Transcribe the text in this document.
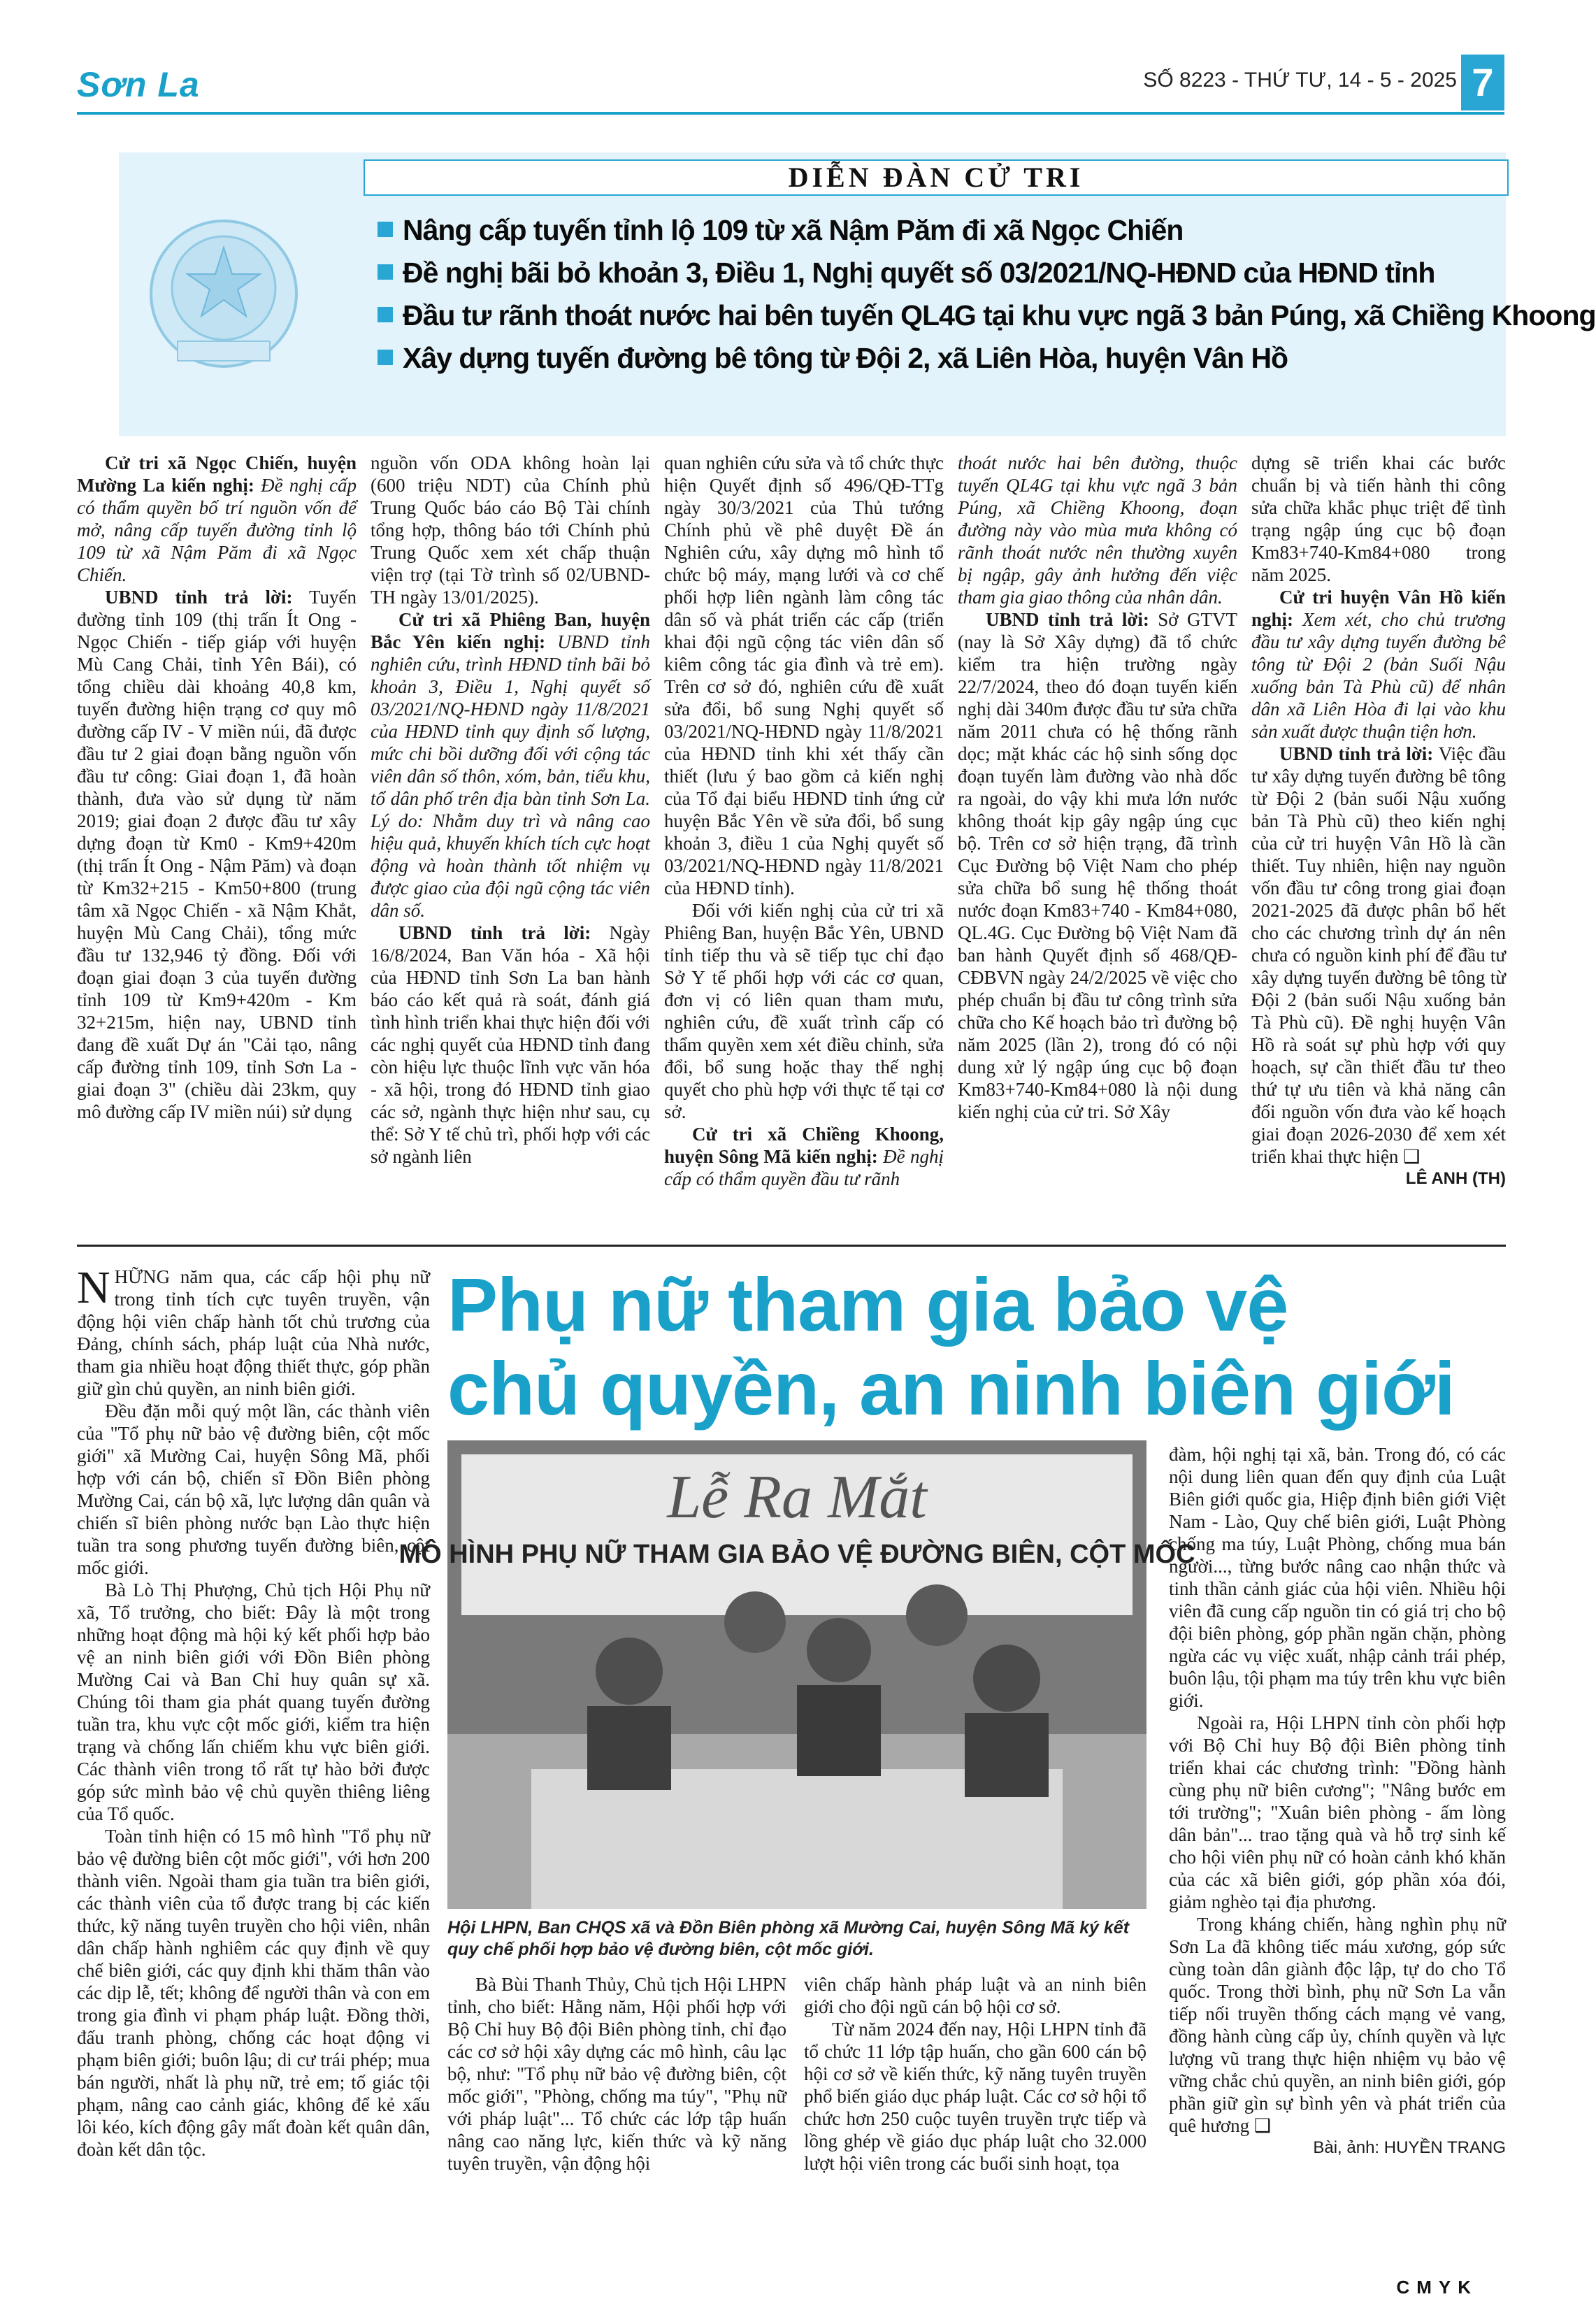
Sơn La	SỐ 8223 - THỨ TƯ, 14 - 5 - 2025 7
DIỄN ĐÀN CỬ TRI
Nâng cấp tuyến tỉnh lộ 109 từ xã Nậm Păm đi xã Ngọc Chiến
Đề nghị bãi bỏ khoản 3, Điều 1, Nghị quyết số 03/2021/NQ-HĐND của HĐND tỉnh
Đầu tư rãnh thoát nước hai bên tuyến QL4G tại khu vực ngã 3 bản Púng, xã Chiềng Khoong
Xây dựng tuyến đường bê tông từ Đội 2, xã Liên Hòa, huyện Vân Hồ

Cử tri xã Ngọc Chiến, huyện Mường La kiến nghị: Đề nghị cấp có thẩm quyền bố trí nguồn vốn để mở, nâng cấp tuyến đường tỉnh lộ 109 từ xã Nậm Păm đi xã Ngọc Chiến.

UBND tỉnh trả lời: Tuyến đường tỉnh 109 (thị trấn Ít Ong - Ngọc Chiến - tiếp giáp với huyện Mù Cang Chải, tỉnh Yên Bái), có tổng chiều dài khoảng 40,8 km, tuyến đường hiện trạng cơ quy mô đường cấp IV - V miền núi, đã được đầu tư 2 giai đoạn bằng nguồn vốn đầu tư công: Giai đoạn 1, đã hoàn thành, đưa vào sử dụng từ năm 2019; giai đoạn 2 được đầu tư xây dựng đoạn từ Km0 - Km9+420m (thị trấn Ít Ong - Nậm Păm) và đoạn từ Km32+215 - Km50+800 (trung tâm xã Ngọc Chiến - xã Nậm Khắt, huyện Mù Cang Chải), tổng mức đầu tư 132,946 tỷ đồng. Đối với đoạn giai đoạn 3 của tuyến đường tỉnh 109 từ Km9+420m - Km 32+215m, hiện nay, UBND tỉnh đang đề xuất Dự án "Cải tạo, nâng cấp đường tỉnh 109, tỉnh Sơn La - giai đoạn 3" (chiều dài 23km, quy mô đường cấp IV miền núi) sử dụng

nguồn vốn ODA không hoàn lại (600 triệu NDT) của Chính phủ Trung Quốc báo cáo Bộ Tài chính tổng hợp, thông báo tới Chính phủ Trung Quốc xem xét chấp thuận viện trợ (tại Tờ trình số 02/UBND-TH ngày 13/01/2025).

Cử tri xã Phiêng Ban, huyện Bắc Yên kiến nghị: UBND tỉnh nghiên cứu, trình HĐND tỉnh bãi bỏ khoản 3, Điều 1, Nghị quyết số 03/2021/NQ-HĐND ngày 11/8/2021 của HĐND tỉnh quy định số lượng, mức chi bồi dưỡng đối với cộng tác viên dân số thôn, xóm, bản, tiểu khu, tổ dân phố trên địa bàn tỉnh Sơn La. Lý do: Nhằm duy trì và nâng cao hiệu quả, khuyến khích tích cực hoạt động và hoàn thành tốt nhiệm vụ được giao của đội ngũ cộng tác viên dân số.

UBND tỉnh trả lời: Ngày 16/8/2024, Ban Văn hóa - Xã hội của HĐND tỉnh Sơn La ban hành báo cáo kết quả rà soát, đánh giá tình hình triển khai thực hiện đối với các nghị quyết của HĐND tỉnh đang còn hiệu lực thuộc lĩnh vực văn hóa - xã hội, trong đó HĐND tỉnh giao các sở, ngành thực hiện như sau, cụ thể: Sở Y tế chủ trì, phối hợp với các sở ngành liên

quan nghiên cứu sửa và tổ chức thực hiện Quyết định số 496/QĐ-TTg ngày 30/3/2021 của Thủ tướng Chính phủ về phê duyệt Đề án Nghiên cứu, xây dựng mô hình tổ chức bộ máy, mạng lưới và cơ chế phối hợp liên ngành làm công tác dân số và phát triển các cấp (triển khai đội ngũ cộng tác viên dân số kiêm công tác gia đình và trẻ em). Trên cơ sở đó, nghiên cứu đề xuất sửa đổi, bổ sung Nghị quyết số 03/2021/NQ-HĐND ngày 11/8/2021 của HĐND tỉnh khi xét thấy cần thiết (lưu ý bao gồm cả kiến nghị của Tổ đại biểu HĐND tỉnh ứng cử huyện Bắc Yên về sửa đổi, bổ sung khoản 3, điều 1 của Nghị quyết số 03/2021/NQ-HĐND ngày 11/8/2021 của HĐND tỉnh).

Đối với kiến nghị của cử tri xã Phiêng Ban, huyện Bắc Yên, UBND tỉnh tiếp thu và sẽ tiếp tục chỉ đạo Sở Y tế phối hợp với các cơ quan, đơn vị có liên quan tham mưu, nghiên cứu, đề xuất trình cấp có thẩm quyền xem xét điều chỉnh, sửa đổi, bổ sung hoặc thay thế nghị quyết cho phù hợp với thực tế tại cơ sở.

Cử tri xã Chiềng Khoong, huyện Sông Mã kiến nghị: Đề nghị cấp có thẩm quyền đầu tư rãnh

thoát nước hai bên đường, thuộc tuyến QL4G tại khu vực ngã 3 bản Púng, xã Chiềng Khoong, đoạn đường này vào mùa mưa không có rãnh thoát nước nên thường xuyên bị ngập, gây ảnh hưởng đến việc tham gia giao thông của nhân dân.

UBND tỉnh trả lời: Sở GTVT (nay là Sở Xây dựng) đã tổ chức kiểm tra hiện trường ngày 22/7/2024, theo đó đoạn tuyến kiến nghị dài 340m được đầu tư sửa chữa năm 2011 chưa có hệ thống rãnh dọc; mặt khác các hộ sinh sống dọc đoạn tuyến làm đường vào nhà dốc ra ngoài, do vậy khi mưa lớn nước không thoát kịp gây ngập úng cục bộ. Trên cơ sở hiện trạng, đã trình Cục Đường bộ Việt Nam cho phép sửa chữa bổ sung hệ thống thoát nước đoạn Km83+740 - Km84+080, QL.4G. Cục Đường bộ Việt Nam đã ban hành Quyết định số 468/QĐ-CĐBVN ngày 24/2/2025 về việc cho phép chuẩn bị đầu tư công trình sửa chữa cho Kế hoạch bảo trì đường bộ năm 2025 (lần 2), trong đó có nội dung xử lý ngập úng cục bộ đoạn Km83+740-Km84+080 là nội dung kiến nghị của cử tri. Sở Xây

dựng sẽ triển khai các bước chuẩn bị và tiến hành thi công sửa chữa khắc phục triệt để tình trạng ngập úng cục bộ đoạn Km83+740-Km84+080 trong năm 2025.

Cử tri huyện Vân Hồ kiến nghị: Xem xét, cho chủ trương đầu tư xây dựng tuyến đường bê tông từ Đội 2 (bản Suối Nậu xuống bản Tà Phù cũ) để nhân dân xã Liên Hòa đi lại vào khu sản xuất được thuận tiện hơn.

UBND tỉnh trả lời: Việc đầu tư xây dựng tuyến đường bê tông từ Đội 2 (bản suối Nậu xuống bản Tà Phù cũ) theo kiến nghị của cử tri huyện Vân Hồ là cần thiết. Tuy nhiên, hiện nay nguồn vốn đầu tư công trong giai đoạn 2021-2025 đã được phân bổ hết cho các chương trình dự án nên chưa có nguồn kinh phí để đầu tư xây dựng tuyến đường bê tông từ Đội 2 (bản suối Nậu xuống bản Tà Phù cũ). Đề nghị huyện Vân Hồ rà soát sự phù hợp với quy hoạch, sự cần thiết đầu tư theo thứ tự ưu tiên và khả năng cân đối nguồn vốn đưa vào kế hoạch giai đoạn 2026-2030 để xem xét triển khai thực hiện ❑

LÊ ANH (TH)
Phụ nữ tham gia bảo vệ
chủ quyền, an ninh biên giới

NHỮNG năm qua, các cấp hội phụ nữ trong tỉnh tích cực tuyên truyền, vận động hội viên chấp hành tốt chủ trương của Đảng, chính sách, pháp luật của Nhà nước, tham gia nhiều hoạt động thiết thực, góp phần giữ gìn chủ quyền, an ninh biên giới.

Đều đặn mỗi quý một lần, các thành viên của "Tổ phụ nữ bảo vệ đường biên, cột mốc giới" xã Mường Cai, huyện Sông Mã, phối hợp với cán bộ, chiến sĩ Đồn Biên phòng Mường Cai, cán bộ xã, lực lượng dân quân và chiến sĩ biên phòng nước bạn Lào thực hiện tuần tra song phương tuyến đường biên, cột mốc giới.

Bà Lò Thị Phượng, Chủ tịch Hội Phụ nữ xã, Tổ trưởng, cho biết: Đây là một trong những hoạt động mà hội ký kết phối hợp bảo vệ an ninh biên giới với Đồn Biên phòng Mường Cai và Ban Chỉ huy quân sự xã. Chúng tôi tham gia phát quang tuyến đường tuần tra, khu vực cột mốc giới, kiểm tra hiện trạng và chống lấn chiếm khu vực biên giới. Các thành viên trong tổ rất tự hào bởi được góp sức mình bảo vệ chủ quyền thiêng liêng của Tổ quốc.

Toàn tỉnh hiện có 15 mô hình "Tổ phụ nữ bảo vệ đường biên cột mốc giới", với hơn 200 thành viên. Ngoài tham gia tuần tra biên giới, các thành viên của tổ được trang bị các kiến thức, kỹ năng tuyên truyền cho hội viên, nhân dân chấp hành nghiêm các quy định về quy chế biên giới, các quy định khi thăm thân vào các dịp lễ, tết; không để người thân và con em trong gia đình vi phạm pháp luật. Đồng thời, đấu tranh phòng, chống các hoạt động vi phạm biên giới; buôn lậu; di cư trái phép; mua bán người, nhất là phụ nữ, trẻ em; tố giác tội phạm, nâng cao cảnh giác, không để kẻ xấu lôi kéo, kích động gây mất đoàn kết quân dân, đoàn kết dân tộc.

Lễ Ra Mắt
MÔ HÌNH PHỤ NỮ THAM GIA BẢO VỆ ĐƯỜNG BIÊN, CỘT MỐC
Hội LHPN, Ban CHQS xã và Đồn Biên phòng xã Mường Cai, huyện Sông Mã ký kết quy chế phối hợp bảo vệ đường biên, cột mốc giới.

Bà Bùi Thanh Thủy, Chủ tịch Hội LHPN tỉnh, cho biết: Hằng năm, Hội phối hợp với Bộ Chỉ huy Bộ đội Biên phòng tỉnh, chỉ đạo các cơ sở hội xây dựng các mô hình, câu lạc bộ, như: "Tổ phụ nữ bảo vệ đường biên, cột mốc giới", "Phòng, chống ma túy", "Phụ nữ với pháp luật"... Tổ chức các lớp tập huấn nâng cao năng lực, kiến thức và kỹ năng tuyên truyền, vận động hội

viên chấp hành pháp luật và an ninh biên giới cho đội ngũ cán bộ hội cơ sở.

Từ năm 2024 đến nay, Hội LHPN tỉnh đã tổ chức 11 lớp tập huấn, cho gần 600 cán bộ hội cơ sở về kiến thức, kỹ năng tuyên truyền phổ biến giáo dục pháp luật. Các cơ sở hội tổ chức hơn 250 cuộc tuyên truyền trực tiếp và lồng ghép về giáo dục pháp luật cho 32.000 lượt hội viên trong các buổi sinh hoạt, tọa

đàm, hội nghị tại xã, bản. Trong đó, có các nội dung liên quan đến quy định của Luật Biên giới quốc gia, Hiệp định biên giới Việt Nam - Lào, Quy chế biên giới, Luật Phòng chống ma túy, Luật Phòng, chống mua bán người..., từng bước nâng cao nhận thức và tinh thần cảnh giác của hội viên. Nhiều hội viên đã cung cấp nguồn tin có giá trị cho bộ đội biên phòng, góp phần ngăn chặn, phòng ngừa các vụ việc xuất, nhập cảnh trái phép, buôn lậu, tội phạm ma túy trên khu vực biên giới.

Ngoài ra, Hội LHPN tỉnh còn phối hợp với Bộ Chỉ huy Bộ đội Biên phòng tỉnh triển khai các chương trình: "Đồng hành cùng phụ nữ biên cương"; "Nâng bước em tới trường"; "Xuân biên phòng - ấm lòng dân bản"... trao tặng quà và hỗ trợ sinh kế cho hội viên phụ nữ có hoàn cảnh khó khăn của các xã biên giới, góp phần xóa đói, giảm nghèo tại địa phương.

Trong kháng chiến, hàng nghìn phụ nữ Sơn La đã không tiếc máu xương, góp sức cùng toàn dân giành độc lập, tự do cho Tổ quốc. Trong thời bình, phụ nữ Sơn La vẫn tiếp nối truyền thống cách mạng vẻ vang, đồng hành cùng cấp ủy, chính quyền và lực lượng vũ trang thực hiện nhiệm vụ bảo vệ vững chắc chủ quyền, an ninh biên giới, góp phần giữ gìn sự bình yên và phát triển của quê hương ❑

Bài, ảnh: HUYỀN TRANG
CMYK
